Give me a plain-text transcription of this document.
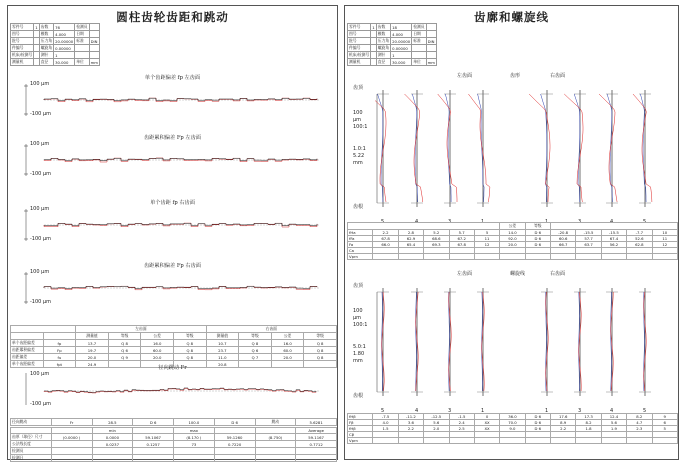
圆柱齿轮齿距和跳动
零件号	1	齿数	76	检测员	
图号		模数	4.000	日期	
批号		压力角	20.00000	标准	DIN
件编号		螺旋角	0.00000		
机床/检测号		测针	1		
测量机		直径	30.000	单位	mm
单个齿距偏差 fp 左齿面
100 µm
-100 µm
齿距累积偏差 Fp 左齿面
100 µm
-100 µm
单个齿距 fp 右齿面
100 µm
-100 µm
齿距累积偏差 Fp 右齿面
100 µm
-100 µm
		左齿面				右齿面			
		测量值	等级	公差	等级	测量值	等级	公差	等级
单个齿距偏差	fp	13.7	Q 8	16.0	Q 8	10.7	Q 8	16.0	Q 8
齿距累积偏差	Fp	19.7	Q 6	60.0	Q 8	23.7	Q 6	60.0	Q 8
齿距偏差	fu	20.0	Q 9	20.0	Q 8	11.0	Q 7	20.0	Q 8
单个齿距偏差	fpt	24.9				20.8			
径向跳动 Fr
100 µm
-100 µm
径向跳动	Fr	28.5	D 6	100.0	D 6	跳动	5.6281
		min		max			Average
齿厚（球径）尺寸	(0.0000 )	0.0000	59.1067	(8.170 )	59.1260	(8.750)	59.1167
公法线长度		0.0237	0.1257	73	0.7220		0.7712
检测员							
检测日							
齿廓和螺旋线
零件号	1	齿数	18	检测员	
图号		模数	4.000	日期	
批号		压力角	20.00000	标准	DIN
件编号		螺旋角	0.00000		
机床/检测号		测针	1		
测量机		直径	30.000	单位	mm
左齿面	齿形	右齿面
齿顶
齿根
100
µm
100:1
1.0:1
5.22
mm
5	4	3	1	1	3	4	5
						公差	等级					
fHa	2.2	2.8	5.2	5.7	5	14.0	D 6	-20.8	-15.5	-15.5	-7.7	10
fFa	67.8	62.9	68.6	67.2	11	92.0	D 6	60.6	57.7	67.4	52.6	11
Fa	66.0	65.4	69.3	67.8	12	20.0	D 6	66.7	63.7	56.2	62.8	12
Ca												
Vprn												
左齿面	螺旋线	右齿面
齿顶
齿根
100
µm
100:1
5.0:1
1.80
mm
5	4	3	1	1	3	4	5
fHβ	-7.5	-11.2	-12.5	-1.5	0	36.0	D 6	17.6	17.3	12.4	8.2	9
Fβ	4.0	3.6	5.6	2.4	XX	70.0	D 6	8.9	8.2	5.6	4.7	6
fHβ	1.5	2.2	2.0	2.5	XX	9.0	D 6	2.2	1.8	1.9	2.3	5
Cβ												
Vprn												
